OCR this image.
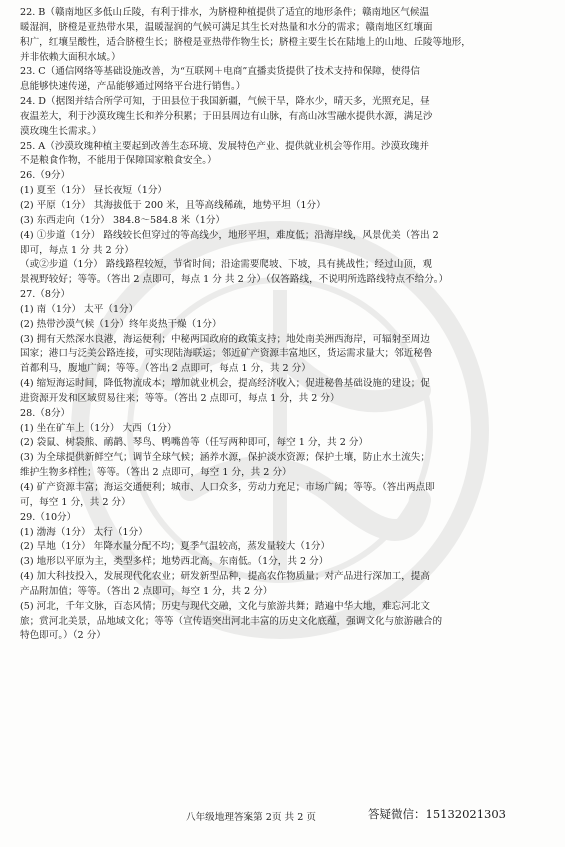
22. B（赣南地区多低山丘陵，有利于排水，为脐橙种植提供了适宜的地形条件；赣南地区气候温
暖湿润，脐橙是亚热带水果，温暖湿润的气候可满足其生长对热量和水分的需求；赣南地区红壤面
积广，红壤呈酸性，适合脐橙生长；脐橙是亚热带作物生长；脐橙主要生长在陆地上的山地、丘陵等地形，
并非依赖大面积水域。）
23. C（通信网络等基础设施改善，为“互联网＋电商”直播卖货提供了技术支持和保障，使得信
息能够快速传递，产品能够通过网络平台进行销售。）
24. D（据图并结合所学可知，于田县位于我国新疆，气候干旱，降水少，晴天多，光照充足，昼
夜温差大，利于沙漠玫瑰生长和养分积累；于田县周边有山脉，有高山冰雪融水提供水源，满足沙
漠玫瑰生长需求。）
25. A（沙漠玫瑰种植主要起到改善生态环境、发展特色产业、提供就业机会等作用。沙漠玫瑰并
不是粮食作物，不能用于保障国家粮食安全。）
26.（9分）
(1) 夏至（1分） 昼长夜短（1分）
(2) 平原（1分） 其海拔低于 200 米，且等高线稀疏，地势平坦（1分）
(3) 东西走向（1分） 384.8～584.8 米（1分）
(4) ①步道（1分） 路线较长但穿过的等高线少，地形平坦，难度低；沿海岸线，风景优美（答出 2
即可，每点 1 分 共 2 分）
（或②步道（1分） 路线路程较短，节省时间；沿途需要爬坡、下坡，具有挑战性；经过山顶，观
景视野较好；等等。（答出 2 点即可，每点 1 分 共 2 分）（仅答路线，不说明所选路线特点不给分。）
27.（8分）
(1) 南（1分） 太平（1分）
(2) 热带沙漠气候（1分）终年炎热干燥（1分）
(3) 拥有天然深水良港，海运便利；中秘两国政府的政策支持；地处南美洲西海岸，可辐射至周边
国家；港口与泛美公路连接，可实现陆海联运；邻近矿产资源丰富地区，货运需求量大；邻近秘鲁
首都利马，腹地广阔；等等。（答出 2 点即可，每点 1 分，共 2 分）
(4) 缩短海运时间，降低物流成本；增加就业机会，提高经济收入；促进秘鲁基础设施的建设；促
进资源开发和区域贸易往来；等等。（答出 2 点即可，每点 1 分，共 2 分）
28.（8分）
(1) 坐在矿车上（1分） 大西（1分）
(2) 袋鼠、树袋熊、鸸鹋、琴鸟、鸭嘴兽等（任写两种即可，每空 1 分，共 2 分）
(3) 为全球提供新鲜空气；调节全球气候；涵养水源，保护淡水资源；保护土壤，防止水土流失；
维护生物多样性；等等。（答出 2 点即可，每空 1 分，共 2 分）
(4) 矿产资源丰富；海运交通便利；城市、人口众多，劳动力充足；市场广阔；等等。（答出两点即
可，每空 1 分，共 2 分）
29.（10分）
(1) 渤海（1分） 太行（1分）
(2) 旱地（1分） 年降水量分配不均；夏季气温较高，蒸发量较大（1分）
(3) 地形以平原为主，类型多样；地势西北高，东南低。（1分，共 2 分）
(4) 加大科技投入，发展现代化农业；研发新型品种，提高农作物质量；对产品进行深加工，提高
产品附加值；等等。（答出 2 点即可，每空 1 分，共 2 分）
(5) 河北，千年文脉，百态风情；历史与现代交融，文化与旅游共舞；踏遍中华大地，难忘河北文
旅；赏河北美景，品地域文化；等等（宣传语突出河北丰富的历史文化底蕴，强调文化与旅游融合的
特色即可。）（2 分）
八年级地理答案第 2页 共 2 页	答疑微信：15132021303
